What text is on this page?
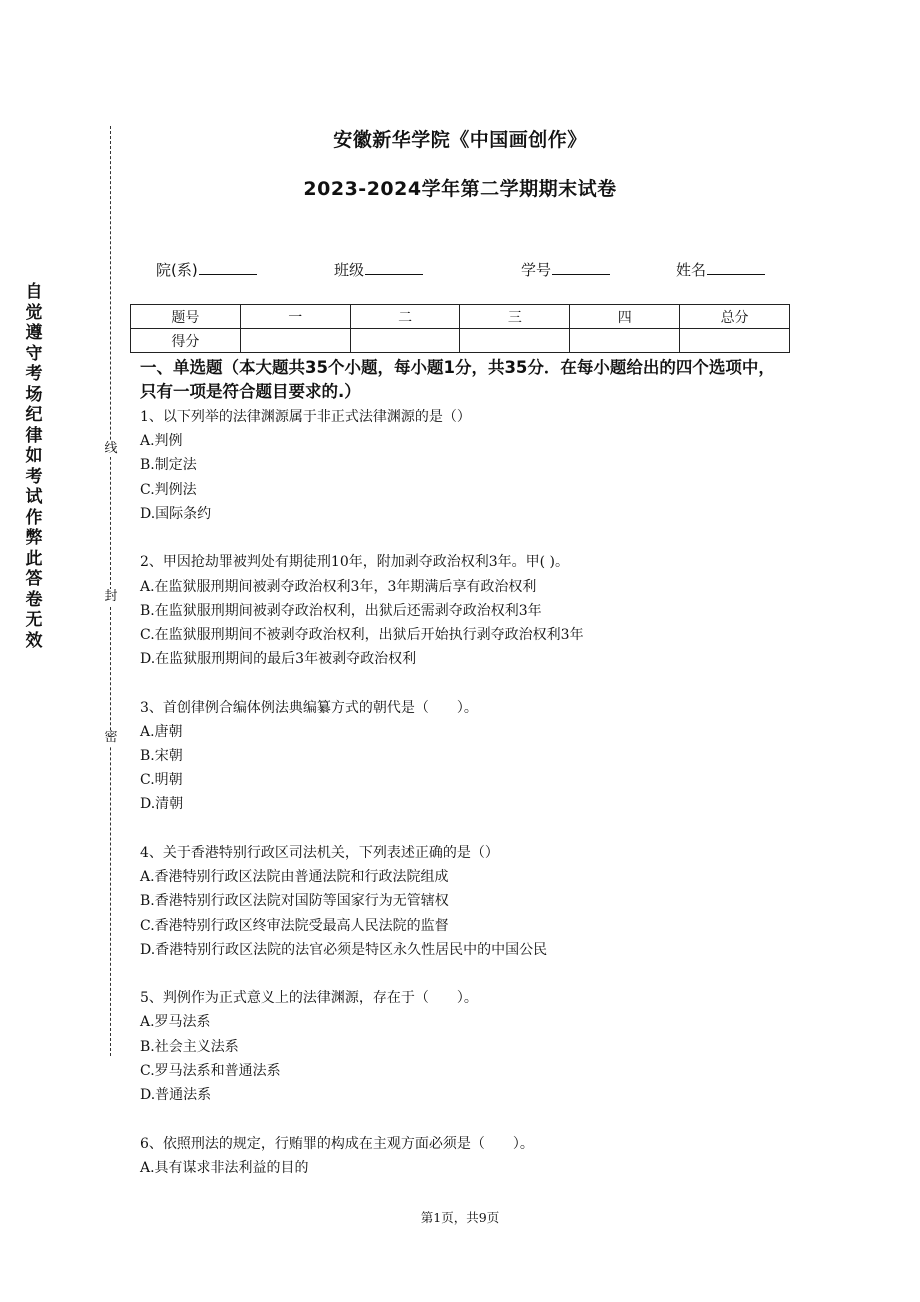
自觉遵守考场纪律如考试作弊此答卷无效
线
封
密
安徽新华学院《中国画创作》
2023-2024学年第二学期期末试卷
院(系)	班级	学号	姓名
题号	一	二	三	四	总分
得分					
一、单选题（本大题共35个小题，每小题1分，共35分．在每小题给出的四个选项中，只有一项是符合题目要求的.）
1、以下列举的法律渊源属于非正式法律渊源的是（）
A.判例
B.制定法
C.判例法
D.国际条约
2、甲因抢劫罪被判处有期徒刑10年，附加剥夺政治权利3年。甲( )。
A.在监狱服刑期间被剥夺政治权利3年，3年期满后享有政治权利
B.在监狱服刑期间被剥夺政治权利，出狱后还需剥夺政治权利3年
C.在监狱服刑期间不被剥夺政治权利，出狱后开始执行剥夺政治权利3年
D.在监狱服刑期间的最后3年被剥夺政治权利
3、首创律例合编体例法典编纂方式的朝代是（　　）。
A.唐朝
B.宋朝
C.明朝
D.清朝
4、关于香港特别行政区司法机关，下列表述正确的是（）
A.香港特别行政区法院由普通法院和行政法院组成
B.香港特别行政区法院对国防等国家行为无管辖权
C.香港特别行政区终审法院受最高人民法院的监督
D.香港特别行政区法院的法官必须是特区永久性居民中的中国公民
5、判例作为正式意义上的法律渊源，存在于（　　）。
A.罗马法系
B.社会主义法系
C.罗马法系和普通法系
D.普通法系
6、依照刑法的规定，行贿罪的构成在主观方面必须是（　　）。
A.具有谋求非法利益的目的
第1页，共9页
